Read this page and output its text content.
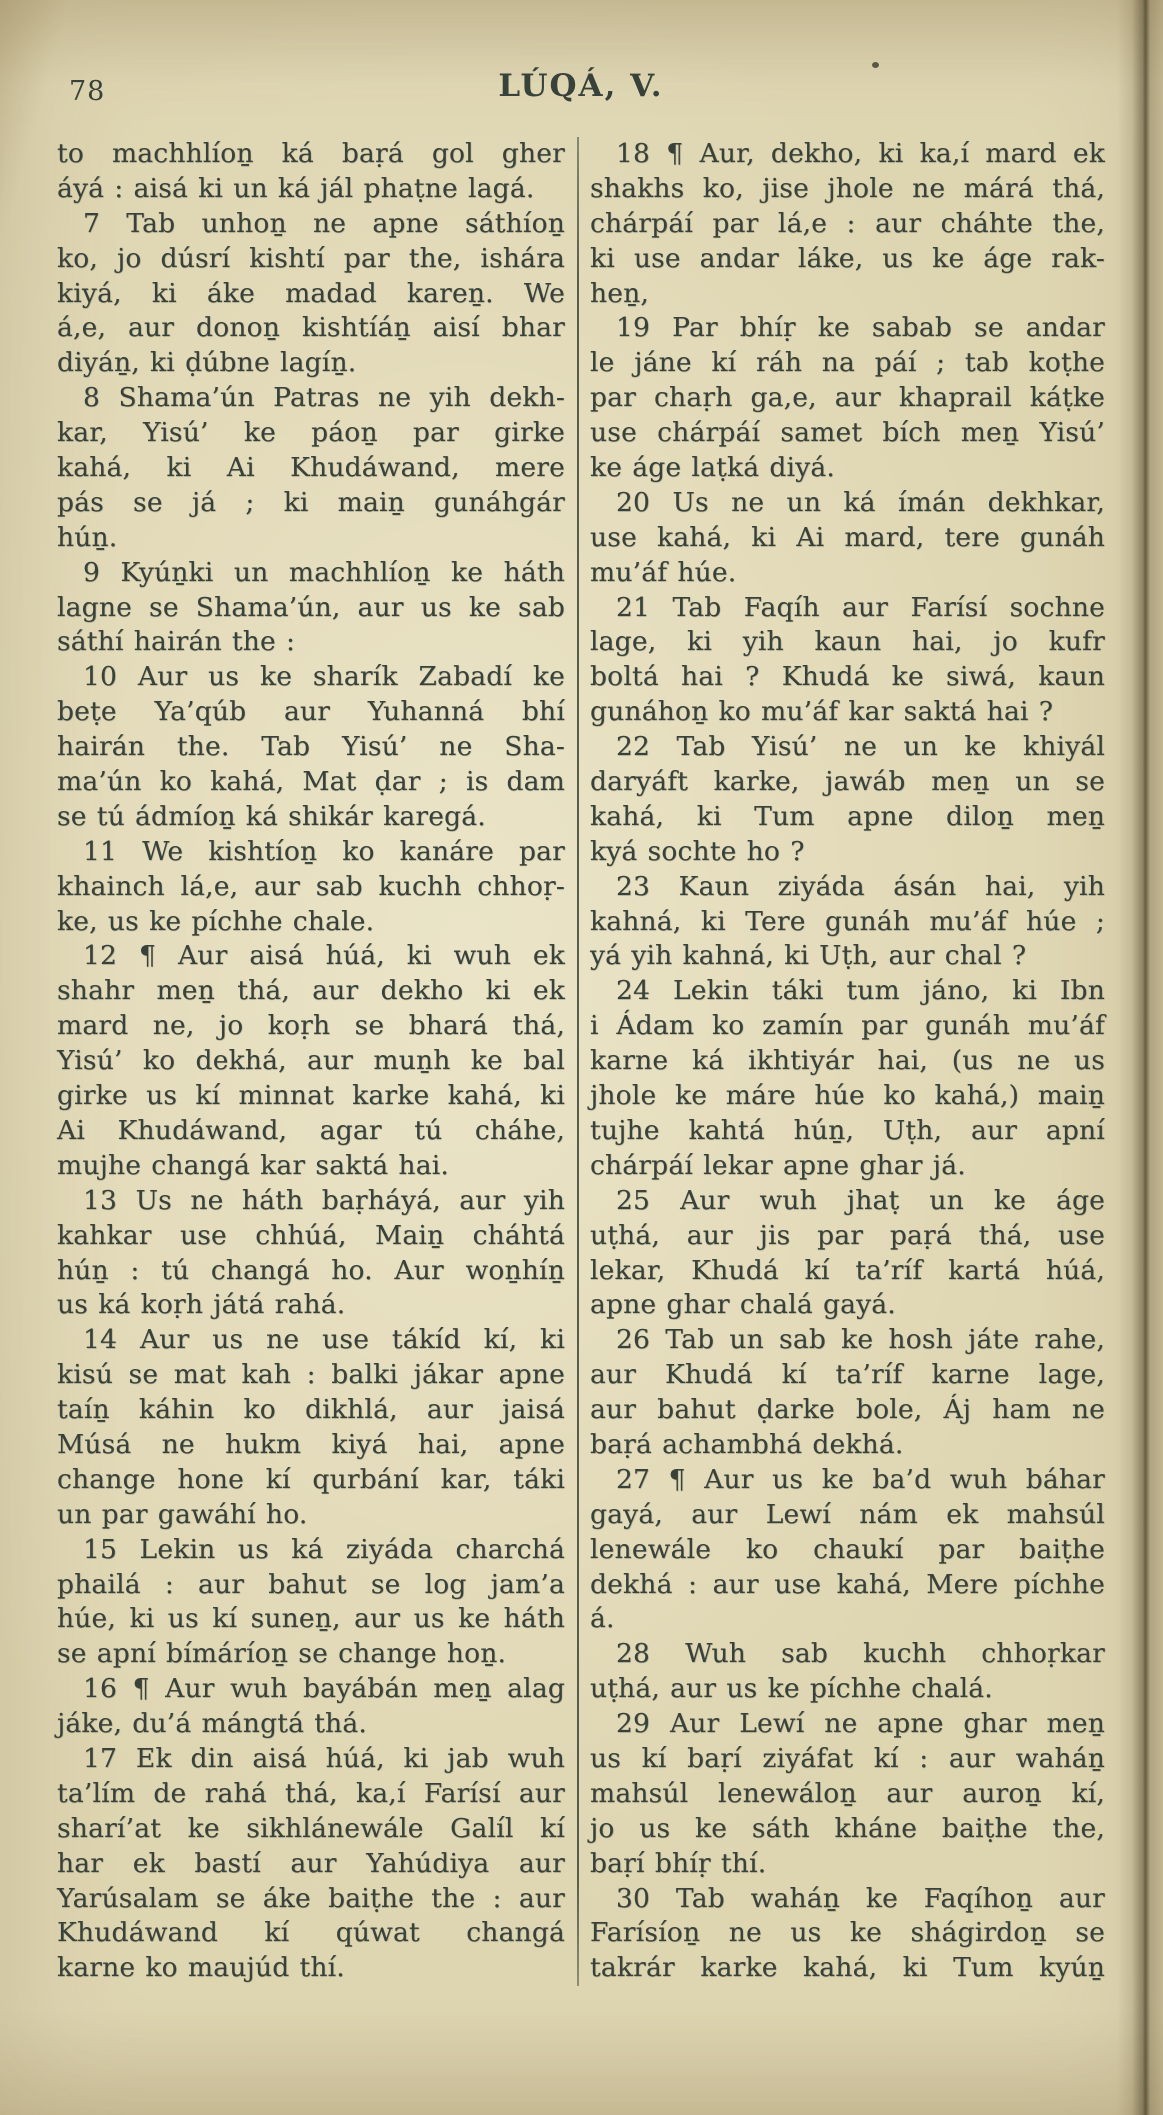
78	LÚQÁ, V.
to machhlíoṉ ká baṛá gol gher
áyá : aisá ki un ká jál phaṭne lagá.
7 Tab unhoṉ ne apne sáthíoṉ
ko, jo dúsrí kishtí par the, ishára
kiyá, ki áke madad kareṉ. We
á,e, aur donoṉ kishtíáṉ aisí bhar
diyáṉ, ki ḍúbne lagíṉ.
8 Shama’ún Patras ne yih dekh-
kar, Yisú’ ke páoṉ par girke
kahá, ki Ai Khudáwand, mere
pás se já ; ki maiṉ gunáhgár
húṉ.
9 Kyúṉki un machhlíoṉ ke háth
lagne se Shama’ún, aur us ke sab
sáthí hairán the :
10 Aur us ke sharík Zabadí ke
beṭe Ya’qúb aur Yuhanná bhí
hairán the. Tab Yisú’ ne Sha-
ma’ún ko kahá, Mat ḍar ; is dam
se tú ádmíoṉ ká shikár karegá.
11 We kishtíoṉ ko kanáre par
khainch lá,e, aur sab kuchh chhoṛ-
ke, us ke píchhe chale.
12 ¶ Aur aisá húá, ki wuh ek
shahr meṉ thá, aur dekho ki ek
mard ne, jo koṛh se bhará thá,
Yisú’ ko dekhá, aur muṉh ke bal
girke us kí minnat karke kahá, ki
Ai Khudáwand, agar tú cháhe,
mujhe changá kar saktá hai.
13 Us ne háth baṛháyá, aur yih
kahkar use chhúá, Maiṉ cháhtá
húṉ : tú changá ho. Aur woṉhíṉ
us ká koṛh játá rahá.
14 Aur us ne use tákíd kí, ki
kisú se mat kah : balki jákar apne
taíṉ káhin ko dikhlá, aur jaisá
Músá ne hukm kiyá hai, apne
change hone kí qurbání kar, táki
un par gawáhí ho.
15 Lekin us ká ziyáda charchá
phailá : aur bahut se log jam’a
húe, ki us kí suneṉ, aur us ke háth
se apní bímáríoṉ se change hoṉ.
16 ¶ Aur wuh bayábán meṉ alag
jáke, du’á mángtá thá.
17 Ek din aisá húá, ki jab wuh
ta’lím de rahá thá, ka,í Farísí aur
sharí’at ke sikhlánewále Galíl kí
har ek bastí aur Yahúdiya aur
Yarúsalam se áke baiṭhe the : aur
Khudáwand kí qúwat changá
karne ko maujúd thí.
18 ¶ Aur, dekho, ki ka,í mard ek
shakhs ko, jise jhole ne márá thá,
chárpáí par lá,e : aur cháhte the,
ki use andar láke, us ke áge rak-
heṉ,
19 Par bhíṛ ke sabab se andar
le jáne kí ráh na páí ; tab koṭhe
par chaṛh ga,e, aur khaprail káṭke
use chárpáí samet bích meṉ Yisú’
ke áge laṭká diyá.
20 Us ne un ká ímán dekhkar,
use kahá, ki Ai mard, tere gunáh
mu’áf húe.
21 Tab Faqíh aur Farísí sochne
lage, ki yih kaun hai, jo kufr
boltá hai ? Khudá ke siwá, kaun
gunáhoṉ ko mu’áf kar saktá hai ?
22 Tab Yisú’ ne un ke khiyál
daryáft karke, jawáb meṉ un se
kahá, ki Tum apne diloṉ meṉ
kyá sochte ho ?
23 Kaun ziyáda ásán hai, yih
kahná, ki Tere gunáh mu’áf húe ;
yá yih kahná, ki Uṭh, aur chal ?
24 Lekin táki tum jáno, ki Ibn
i Ádam ko zamín par gunáh mu’áf
karne ká ikhtiyár hai, (us ne us
jhole ke máre húe ko kahá,) maiṉ
tujhe kahtá húṉ, Uṭh, aur apní
chárpáí lekar apne ghar já.
25 Aur wuh jhaṭ un ke áge
uṭhá, aur jis par paṛá thá, use
lekar, Khudá kí ta’ríf kartá húá,
apne ghar chalá gayá.
26 Tab un sab ke hosh játe rahe,
aur Khudá kí ta’ríf karne lage,
aur bahut ḍarke bole, Áj ham ne
baṛá achambhá dekhá.
27 ¶ Aur us ke ba’d wuh báhar
gayá, aur Lewí nám ek mahsúl
lenewále ko chaukí par baiṭhe
dekhá : aur use kahá, Mere píchhe
á.
28 Wuh sab kuchh chhoṛkar
uṭhá, aur us ke píchhe chalá.
29 Aur Lewí ne apne ghar meṉ
us kí baṛí ziyáfat kí : aur waháṉ
mahsúl lenewáloṉ aur auroṉ kí,
jo us ke sáth kháne baiṭhe the,
baṛí bhíṛ thí.
30 Tab waháṉ ke Faqíhoṉ aur
Farísíoṉ ne us ke shágirdoṉ se
takrár karke kahá, ki Tum kyúṉ
